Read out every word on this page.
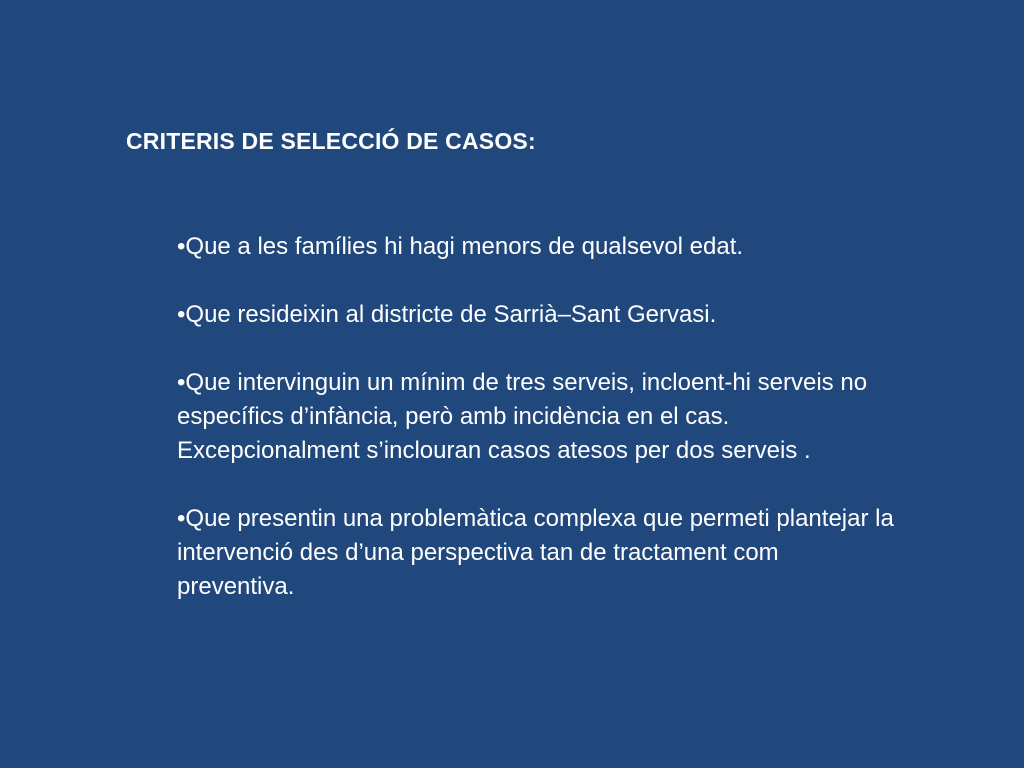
CRITERIS DE SELECCIÓ DE CASOS:
•Que a les famílies hi hagi menors de qualsevol edat.
•Que resideixin al districte de Sarrià–Sant Gervasi.
•Que intervinguin un mínim de tres serveis, incloent-hi serveis no específics d’infància, però amb incidència en el cas. Excepcionalment s’inclouran casos atesos per dos serveis .
•Que presentin una problemàtica complexa que permeti plantejar la intervenció des d’una perspectiva tan de tractament com preventiva.
